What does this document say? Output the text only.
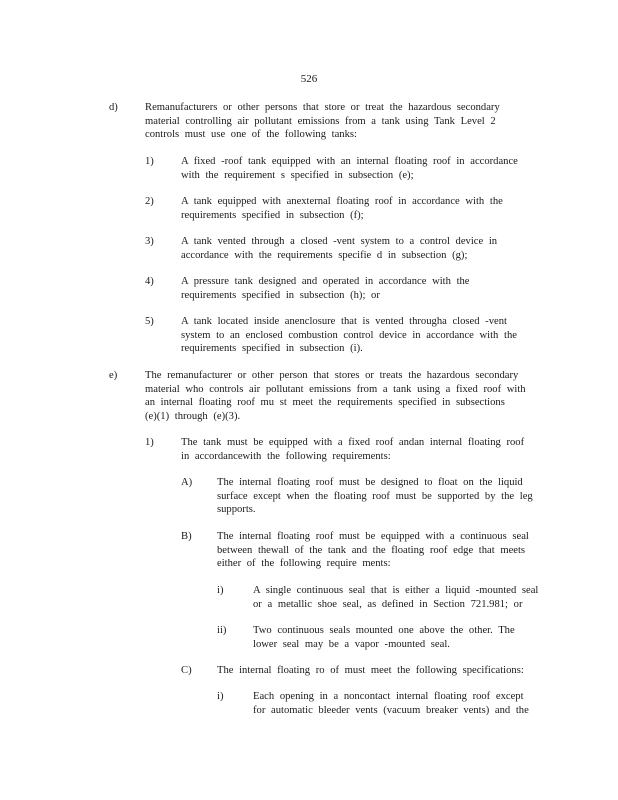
526
d)	Remanufacturers or other persons that store or treat the hazardous secondary
material controlling air pollutant emissions from a tank using Tank Level 2
controls must use one of the following tanks:
1)	A fixed -roof tank equipped with an internal floating roof in accordance
with the requirement s specified in subsection (e);
2)	A tank equipped with anexternal floating roof in accordance with the
requirements specified in subsection (f);
3)	A tank vented through a closed -vent system to a control device in
accordance with the requirements specifie d in subsection (g);
4)	A pressure tank designed and operated in accordance with the
requirements specified in subsection (h); or
5)	A tank located inside anenclosure that is vented througha closed -vent
system to an enclosed combustion control device in accordance with the
requirements specified in subsection (i).
e)	The remanufacturer or other person that stores or treats the hazardous secondary
material who controls air pollutant emissions from a tank using a fixed roof with
an internal floating roof mu st meet the requirements specified in subsections
(e)(1) through (e)(3).
1)	The tank must be equipped with a fixed roof andan internal floating roof
in accordancewith the following requirements:
A) The internal floating roof must be designed to float on the liquid
surface except when the floating roof must be supported by the leg
supports.
B) The internal floating roof must be equipped with a continuous seal
between thewall of the tank and the floating roof edge that meets
either of the following require ments:
i)	A single continuous seal that is either a liquid -mounted seal
or a metallic shoe seal, as defined in Section 721.981; or
ii)	Two continuous seals mounted one above the other. The
lower seal may be a vapor -mounted seal.
C) The internal floating ro of must meet the following specifications:
i)	Each opening in a noncontact internal floating roof except
for automatic bleeder vents (vacuum breaker vents) and the
